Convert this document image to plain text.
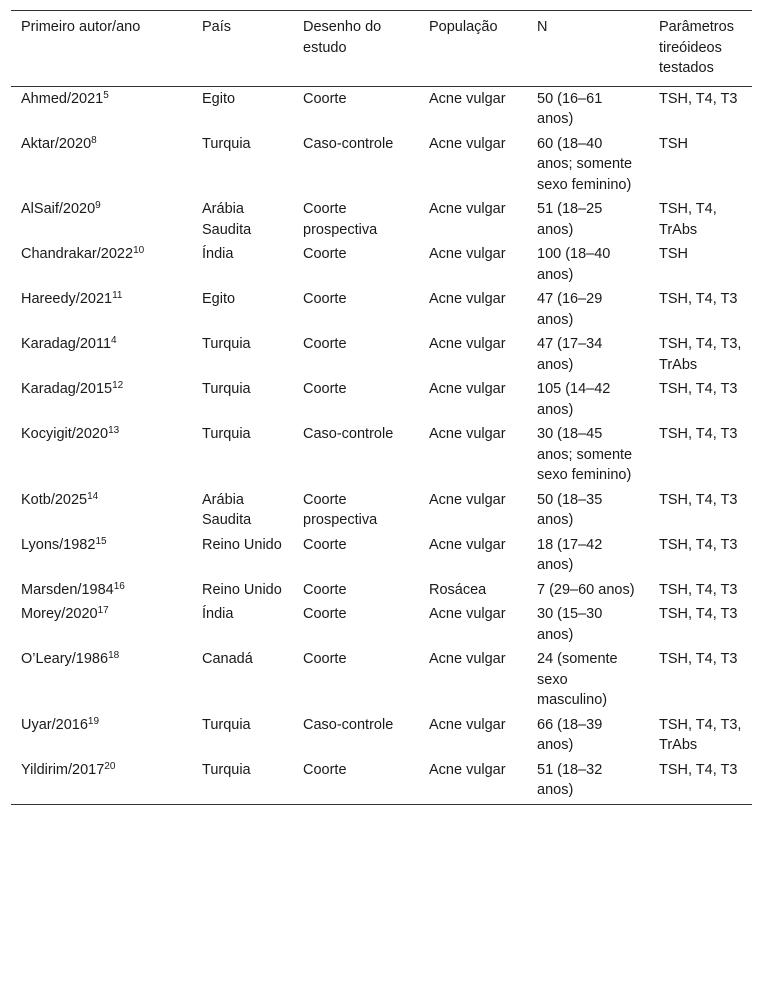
Primeiro autor/ano	País	Desenho do estudo	População	N	Parâmetros tireóideos testados
Ahmed/2021$^5$	Egito	Coorte	Acne vulgar	50 (16–61 anos)	TSH, T4, T3
Aktar/2020$^8$	Turquia	Caso-controle	Acne vulgar	60 (18–40 anos; somente sexo feminino)	TSH
AlSaif/2020$^9$	Arábia Saudita	Coorte prospectiva	Acne vulgar	51 (18–25 anos)	TSH, T4, TrAbs
Chandrakar/2022$^{10}$	Índia	Coorte	Acne vulgar	100 (18–40 anos)	TSH
Hareedy/2021$^{11}$	Egito	Coorte	Acne vulgar	47 (16–29 anos)	TSH, T4, T3
Karadag/2011$^4$	Turquia	Coorte	Acne vulgar	47 (17–34 anos)	TSH, T4, T3, TrAbs
Karadag/2015$^{12}$	Turquia	Coorte	Acne vulgar	105 (14–42 anos)	TSH, T4, T3
Kocyigit/2020$^{13}$	Turquia	Caso-controle	Acne vulgar	30 (18–45 anos; somente sexo feminino)	TSH, T4, T3
Kotb/2025$^{14}$	Arábia Saudita	Coorte prospectiva	Acne vulgar	50 (18–35 anos)	TSH, T4, T3
Lyons/1982$^{15}$	Reino Unido	Coorte	Acne vulgar	18 (17–42 anos)	TSH, T4, T3
Marsden/1984$^{16}$	Reino Unido	Coorte	Rosácea	7 (29–60 anos)	TSH, T4, T3
Morey/2020$^{17}$	Índia	Coorte	Acne vulgar	30 (15–30 anos)	TSH, T4, T3
O’Leary/1986$^{18}$	Canadá	Coorte	Acne vulgar	24 (somente sexo masculino)	TSH, T4, T3
Uyar/2016$^{19}$	Turquia	Caso-controle	Acne vulgar	66 (18–39 anos)	TSH, T4, T3, TrAbs
Yildirim/2017$^{20}$	Turquia	Coorte	Acne vulgar	51 (18–32 anos)	TSH, T4, T3
